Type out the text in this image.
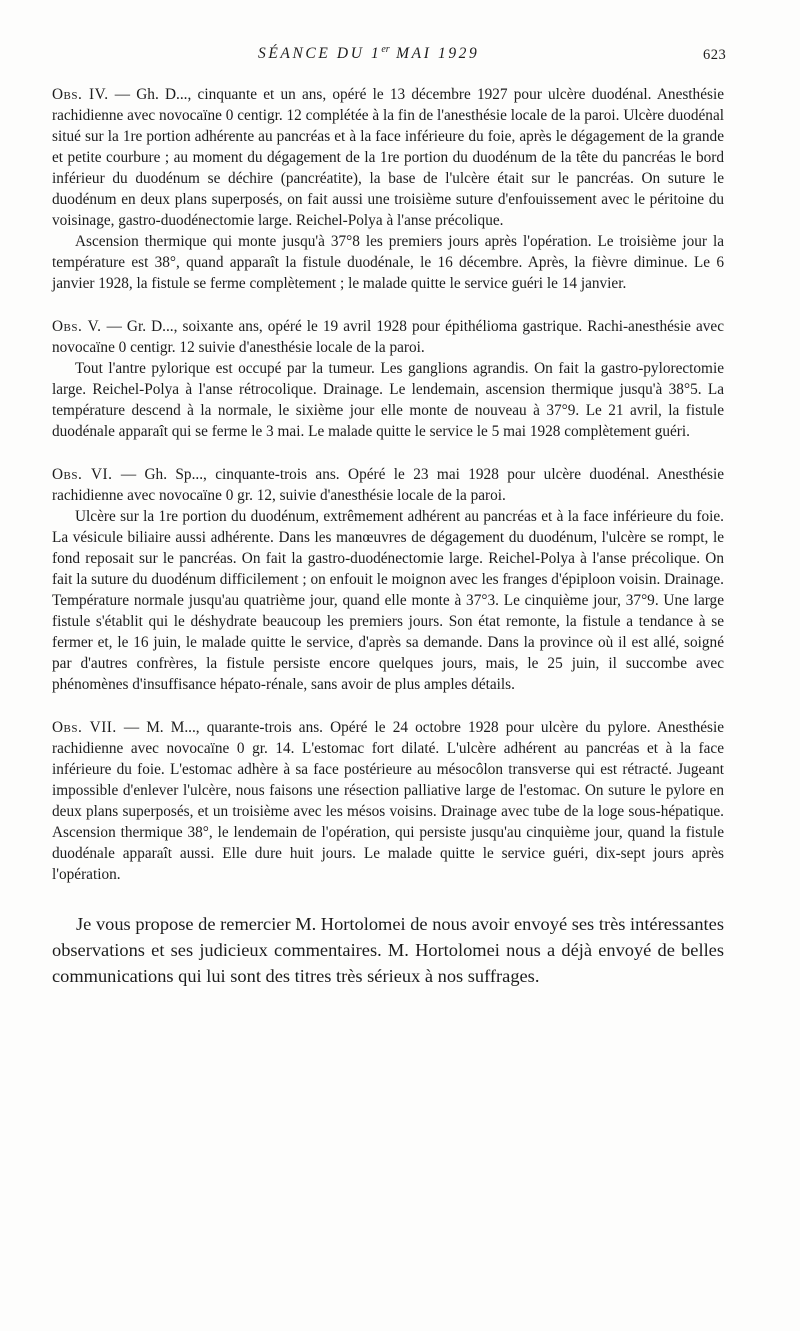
SÉANCE DU 1er MAI 1929	623

Obs. IV. — Gh. D..., cinquante et un ans, opéré le 13 décembre 1927 pour ulcère duodénal. Anesthésie rachidienne avec novocaïne 0 centigr. 12 complétée à la fin de l'anesthésie locale de la paroi. Ulcère duodénal situé sur la 1re portion adhérente au pancréas et à la face inférieure du foie, après le dégagement de la grande et petite courbure ; au moment du dégagement de la 1re portion du duodénum de la tête du pancréas le bord inférieur du duodénum se déchire (pancréatite), la base de l'ulcère était sur le pancréas. On suture le duodénum en deux plans superposés, on fait aussi une troisième suture d'enfouissement avec le péritoine du voisinage, gastro-duodénectomie large. Reichel-Polya à l'anse précolique.

Ascension thermique qui monte jusqu'à 37°8 les premiers jours après l'opération. Le troisième jour la température est 38°, quand apparaît la fistule duodénale, le 16 décembre. Après, la fièvre diminue. Le 6 janvier 1928, la fistule se ferme complètement ; le malade quitte le service guéri le 14 janvier.

Obs. V. — Gr. D..., soixante ans, opéré le 19 avril 1928 pour épithélioma gastrique. Rachi-anesthésie avec novocaïne 0 centigr. 12 suivie d'anesthésie locale de la paroi.

Tout l'antre pylorique est occupé par la tumeur. Les ganglions agrandis. On fait la gastro-pylorectomie large. Reichel-Polya à l'anse rétrocolique. Drainage. Le lendemain, ascension thermique jusqu'à 38°5. La température descend à la normale, le sixième jour elle monte de nouveau à 37°9. Le 21 avril, la fistule duodénale apparaît qui se ferme le 3 mai. Le malade quitte le service le 5 mai 1928 complètement guéri.

Obs. VI. — Gh. Sp..., cinquante-trois ans. Opéré le 23 mai 1928 pour ulcère duodénal. Anesthésie rachidienne avec novocaïne 0 gr. 12, suivie d'anesthésie locale de la paroi.

Ulcère sur la 1re portion du duodénum, extrêmement adhérent au pancréas et à la face inférieure du foie. La vésicule biliaire aussi adhérente. Dans les manœuvres de dégagement du duodénum, l'ulcère se rompt, le fond reposait sur le pancréas. On fait la gastro-duodénectomie large. Reichel-Polya à l'anse précolique. On fait la suture du duodénum difficilement ; on enfouit le moignon avec les franges d'épiploon voisin. Drainage. Température normale jusqu'au quatrième jour, quand elle monte à 37°3. Le cinquième jour, 37°9. Une large fistule s'établit qui le déshydrate beaucoup les premiers jours. Son état remonte, la fistule a tendance à se fermer et, le 16 juin, le malade quitte le service, d'après sa demande. Dans la province où il est allé, soigné par d'autres confrères, la fistule persiste encore quelques jours, mais, le 25 juin, il succombe avec phénomènes d'insuffisance hépato-rénale, sans avoir de plus amples détails.

Obs. VII. — M. M..., quarante-trois ans. Opéré le 24 octobre 1928 pour ulcère du pylore. Anesthésie rachidienne avec novocaïne 0 gr. 14. L'estomac fort dilaté. L'ulcère adhérent au pancréas et à la face inférieure du foie. L'estomac adhère à sa face postérieure au mésocôlon transverse qui est rétracté. Jugeant impossible d'enlever l'ulcère, nous faisons une résection palliative large de l'estomac. On suture le pylore en deux plans superposés, et un troisième avec les mésos voisins. Drainage avec tube de la loge sous-hépatique. Ascension thermique 38°, le lendemain de l'opération, qui persiste jusqu'au cinquième jour, quand la fistule duodénale apparaît aussi. Elle dure huit jours. Le malade quitte le service guéri, dix-sept jours après l'opération.

Je vous propose de remercier M. Hortolomei de nous avoir envoyé ses très intéressantes observations et ses judicieux commentaires. M. Hortolomei nous a déjà envoyé de belles communications qui lui sont des titres très sérieux à nos suffrages.
